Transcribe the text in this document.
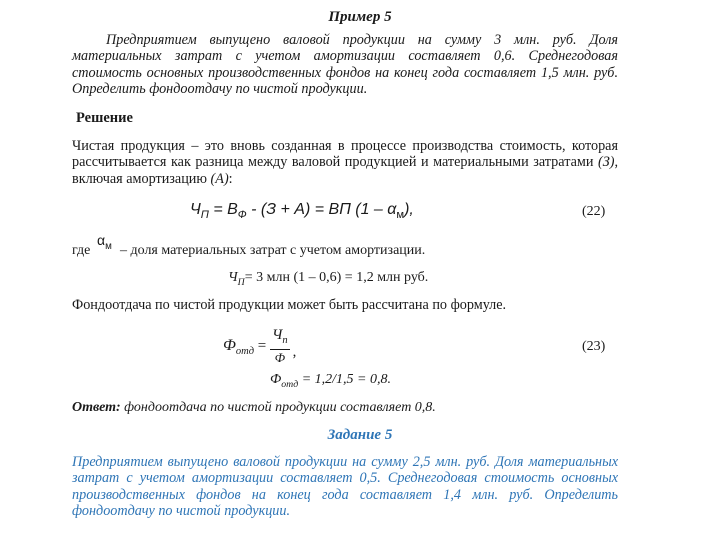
Пример 5
Предприятием выпущено валовой продукции на сумму 3 млн. руб. Доля материальных затрат с учетом амортизации составляет 0,6. Среднегодовая стоимость основных производственных фондов на конец года составляет 1,5 млн. руб. Определить фондоотдачу по чистой продукции.
Решение
Чистая продукция – это вновь созданная в процессе производства стоимость, которая рассчитывается как разница между валовой продукцией и материальными затратами (З), включая амортизацию (А):
$Ч_П = В_Ф - (З + А)$ = ВП $(1 - \alpha_м)$,	(22)
где
$\alpha_м$ – доля материальных затрат с учетом амортизации.
$Ч_П= 3$ млн (1 – 0,6) = 1,2 млн руб.
Фондоотдача по чистой продукции может быть рассчитана по формуле.
$Ф_{отд} = \frac{Ч_п}{Ф}$ ,	(23)
$Ф_{отд} = 1,2/1,5 = 0,8$.
Ответ: фондоотдача по чистой продукции составляет 0,8.
Задание 5
Предприятием выпущено валовой продукции на сумму 2,5 млн. руб. Доля материальных затрат с учетом амортизации составляет 0,5. Среднегодовая стоимость основных производственных фондов на конец года составляет 1,4 млн. руб. Определить фондоотдачу по чистой продукции.
